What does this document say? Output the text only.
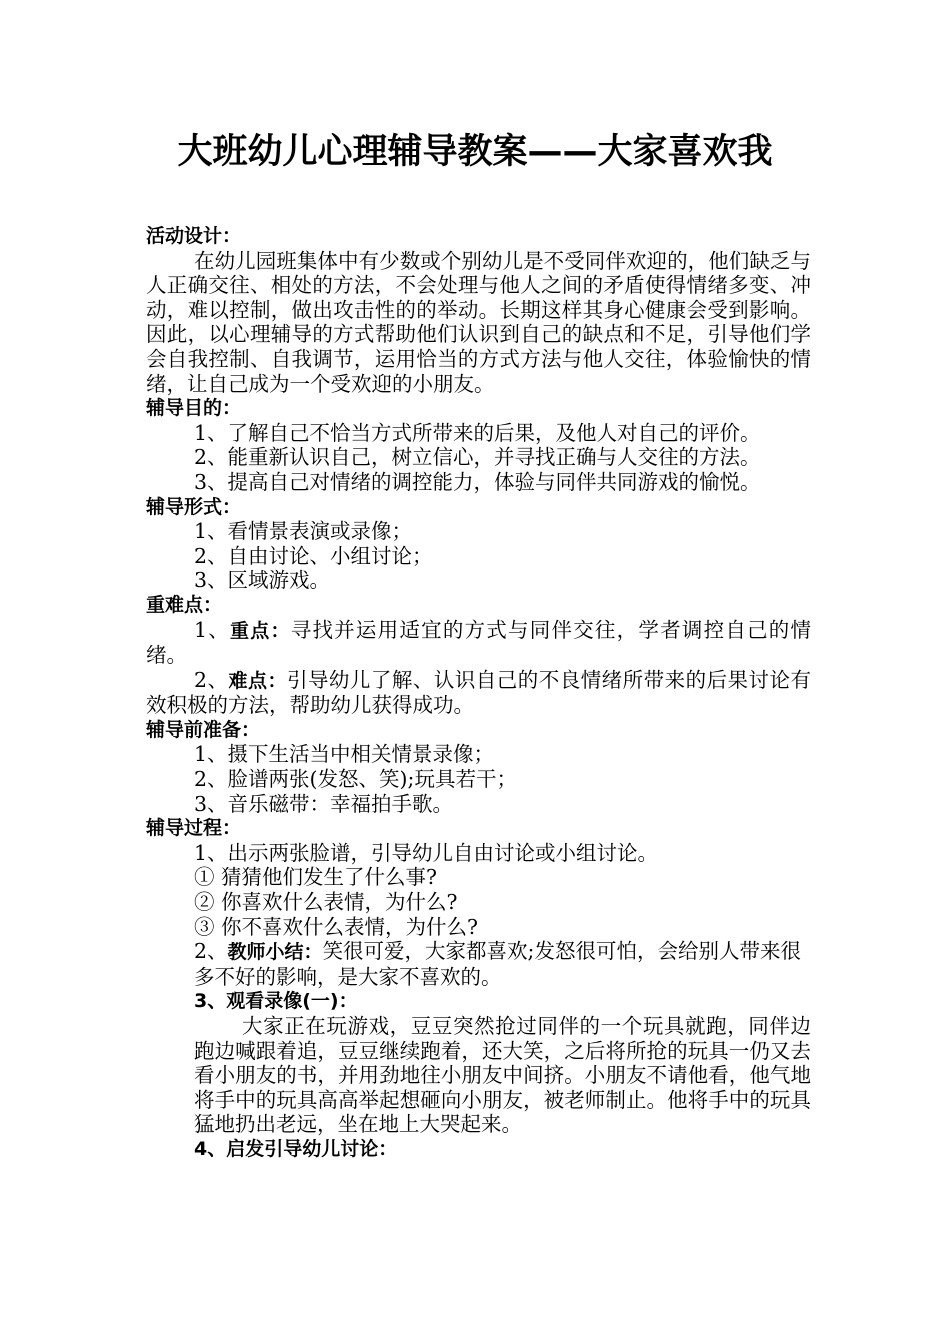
大班幼儿心理辅导教案——大家喜欢我
活动设计：
在幼儿园班集体中有少数或个别幼儿是不受同伴欢迎的，他们缺乏与人正确交往、相处的方法，不会处理与他人之间的矛盾使得情绪多变、冲动，难以控制，做出攻击性的的举动。长期这样其身心健康会受到影响。因此，以心理辅导的方式帮助他们认识到自己的缺点和不足，引导他们学会自我控制、自我调节，运用恰当的方式方法与他人交往，体验愉快的情绪，让自己成为一个受欢迎的小朋友。
辅导目的：
1、了解自己不恰当方式所带来的后果，及他人对自己的评价。
2、能重新认识自己，树立信心，并寻找正确与人交往的方法。
3、提高自己对情绪的调控能力，体验与同伴共同游戏的愉悦。
辅导形式：
1、看情景表演或录像；
2、自由讨论、小组讨论；
3、区域游戏。
重难点：
1、重点：寻找并运用适宜的方式与同伴交往，学者调控自己的情绪。
2、难点：引导幼儿了解、认识自己的不良情绪所带来的后果讨论有效积极的方法，帮助幼儿获得成功。
辅导前准备：
1、摄下生活当中相关情景录像；
2、脸谱两张(发怒、笑);玩具若干；
3、音乐磁带：幸福拍手歌。
辅导过程：
1、出示两张脸谱，引导幼儿自由讨论或小组讨论。
① 猜猜他们发生了什么事?
② 你喜欢什么表情，为什么?
③ 你不喜欢什么表情，为什么?
2、教师小结：笑很可爱，大家都喜欢;发怒很可怕，会给别人带来很多不好的影响，是大家不喜欢的。
3、观看录像(一)：
大家正在玩游戏，豆豆突然抢过同伴的一个玩具就跑，同伴边跑边喊跟着追，豆豆继续跑着，还大笑，之后将所抢的玩具一仍又去看小朋友的书，并用劲地往小朋友中间挤。小朋友不请他看，他气地将手中的玩具高高举起想砸向小朋友，被老师制止。他将手中的玩具猛地扔出老远，坐在地上大哭起来。
4、启发引导幼儿讨论：
